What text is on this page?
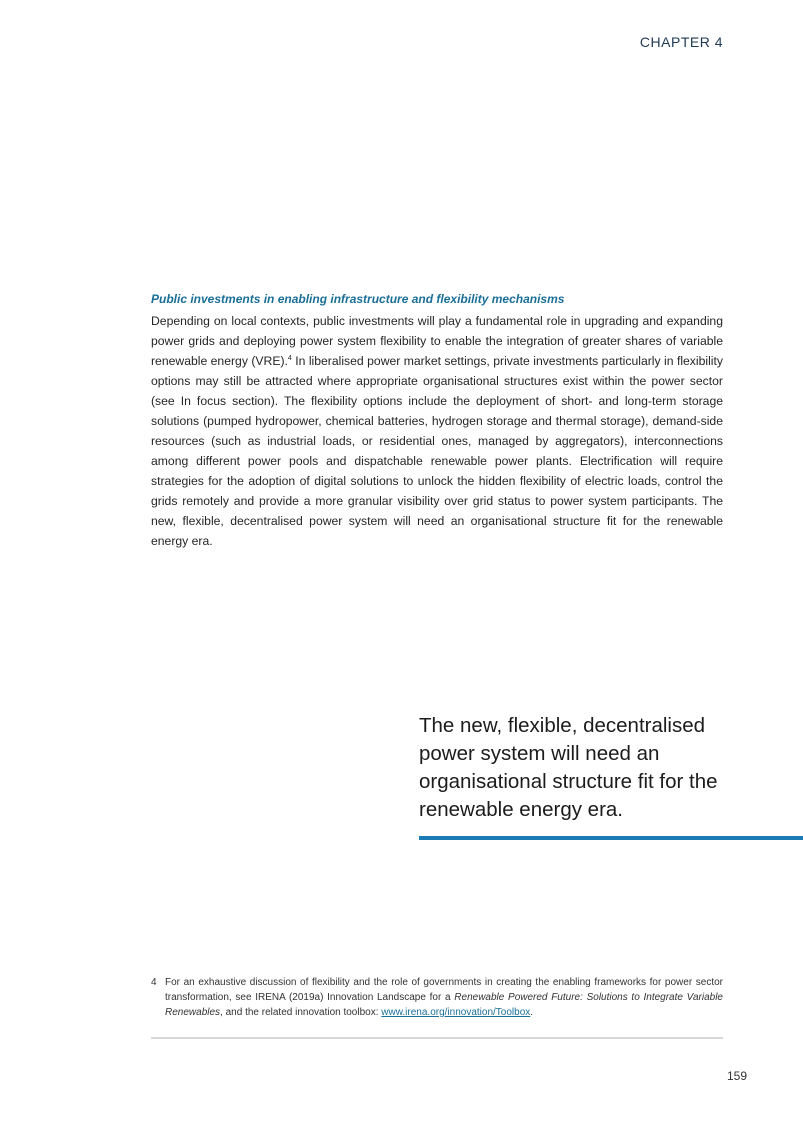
CHAPTER 4
Public investments in enabling infrastructure and flexibility mechanisms

Depending on local contexts, public investments will play a fundamental role in upgrading and expanding power grids and deploying power system flexibility to enable the integration of greater shares of variable renewable energy (VRE).$^4$ In liberalised power market settings, private investments particularly in flexibility options may still be attracted where appropriate organisational structures exist within the power sector (see In focus section). The flexibility options include the deployment of short- and long-term storage solutions (pumped hydropower, chemical batteries, hydrogen storage and thermal storage), demand-side resources (such as industrial loads, or residential ones, managed by aggregators), interconnections among different power pools and dispatchable renewable power plants. Electrification will require strategies for the adoption of digital solutions to unlock the hidden flexibility of electric loads, control the grids remotely and provide a more granular visibility over grid status to power system participants. The new, flexible, decentralised power system will need an organisational structure fit for the renewable energy era.

The new, flexible, decentralised power system will need an organisational structure fit for the renewable energy era.
4 For an exhaustive discussion of flexibility and the role of governments in creating the enabling frameworks for power sector transformation, see IRENA (2019a) Innovation Landscape for a Renewable Powered Future: Solutions to Integrate Variable Renewables, and the related innovation toolbox: www.irena.org/innovation/Toolbox.
159
